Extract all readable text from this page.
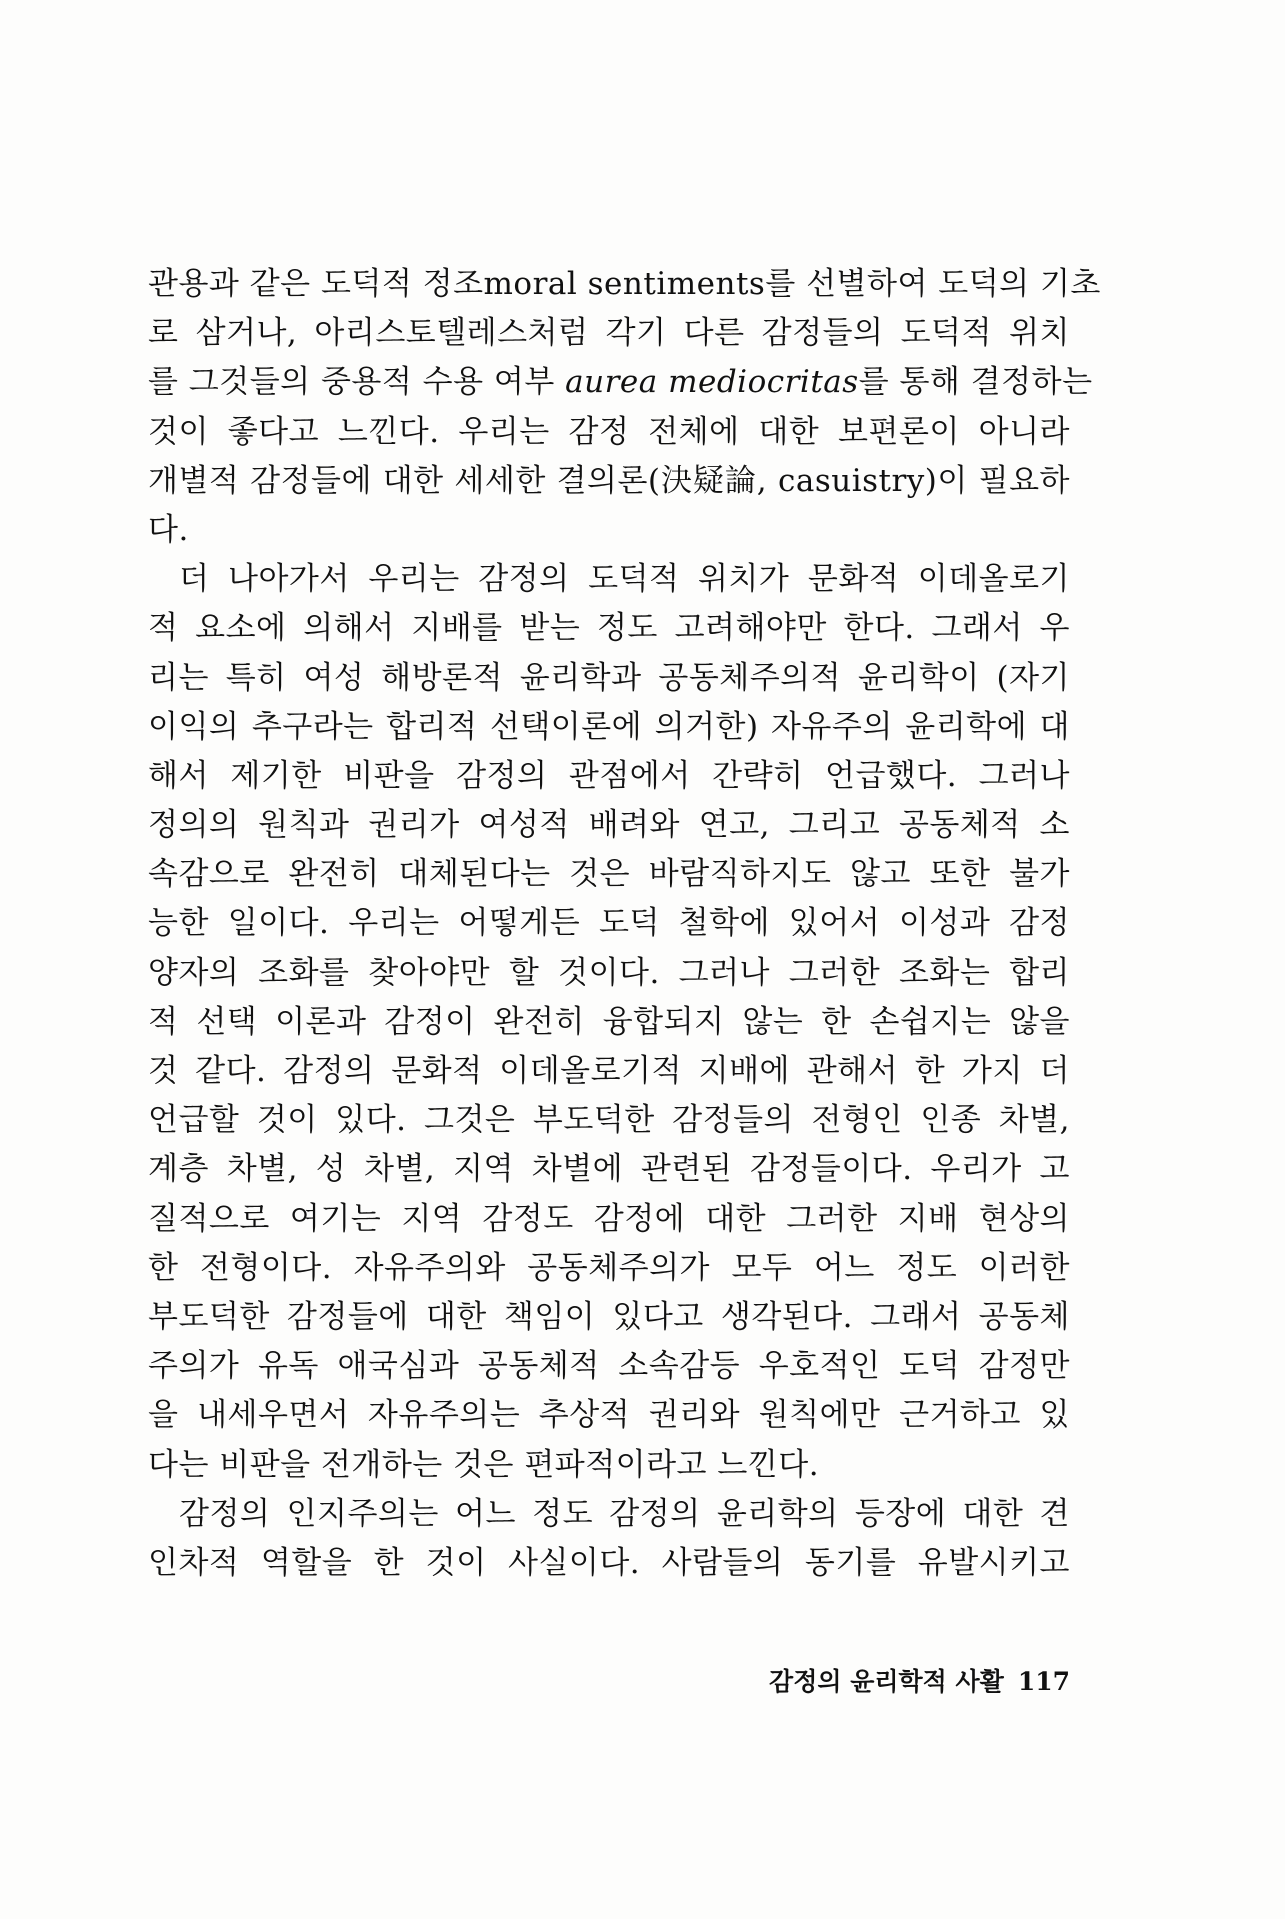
관용과 같은 도덕적 정조moral sentiments를 선별하여 도덕의 기초
로 삼거나, 아리스토텔레스처럼 각기 다른 감정들의 도덕적 위치
를 그것들의 중용적 수용 여부 aurea mediocritas를 통해 결정하는
것이 좋다고 느낀다. 우리는 감정 전체에 대한 보편론이 아니라
개별적 감정들에 대한 세세한 결의론(決疑論, casuistry)이 필요하
다.
더 나아가서 우리는 감정의 도덕적 위치가 문화적 이데올로기
적 요소에 의해서 지배를 받는 정도 고려해야만 한다. 그래서 우
리는 특히 여성 해방론적 윤리학과 공동체주의적 윤리학이 (자기
이익의 추구라는 합리적 선택이론에 의거한) 자유주의 윤리학에 대
해서 제기한 비판을 감정의 관점에서 간략히 언급했다. 그러나
정의의 원칙과 권리가 여성적 배려와 연고, 그리고 공동체적 소
속감으로 완전히 대체된다는 것은 바람직하지도 않고 또한 불가
능한 일이다. 우리는 어떻게든 도덕 철학에 있어서 이성과 감정
양자의 조화를 찾아야만 할 것이다. 그러나 그러한 조화는 합리
적 선택 이론과 감정이 완전히 융합되지 않는 한 손쉽지는 않을
것 같다. 감정의 문화적 이데올로기적 지배에 관해서 한 가지 더
언급할 것이 있다. 그것은 부도덕한 감정들의 전형인 인종 차별,
계층 차별, 성 차별, 지역 차별에 관련된 감정들이다. 우리가 고
질적으로 여기는 지역 감정도 감정에 대한 그러한 지배 현상의
한 전형이다. 자유주의와 공동체주의가 모두 어느 정도 이러한
부도덕한 감정들에 대한 책임이 있다고 생각된다. 그래서 공동체
주의가 유독 애국심과 공동체적 소속감등 우호적인 도덕 감정만
을 내세우면서 자유주의는 추상적 권리와 원칙에만 근거하고 있
다는 비판을 전개하는 것은 편파적이라고 느낀다.
감정의 인지주의는 어느 정도 감정의 윤리학의 등장에 대한 견
인차적 역할을 한 것이 사실이다. 사람들의 동기를 유발시키고
감정의 윤리학적 사활 117
